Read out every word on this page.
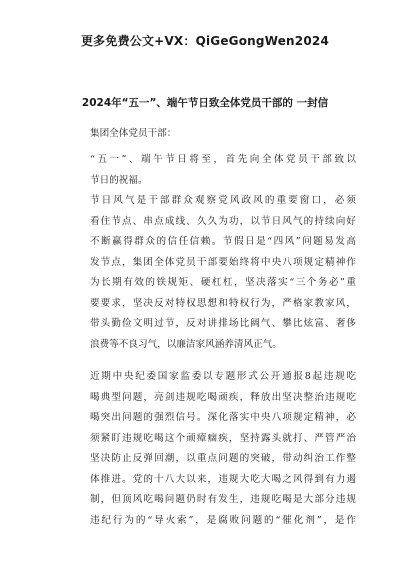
更多免费公文+VX：QiGeGongWen2024
2024年“五一”、端午节日致全体党员干部的 一封信
集团全体党员干部：
“五一”、端午节日将至，首先向全体党员干部致以
节日的祝福。
节日风气是干部群众观察党风政风的重要窗口，必须
看住节点、串点成线、久久为功，以节日风气的持续向好
不断赢得群众的信任信赖。节假日是“四风”问题易发高
发节点，集团全体党员干部要始终将中央八项规定精神作
为长期有效的铁规矩、硬杠杠，坚决落实“三个务必”重
要要求，坚决反对特权思想和特权行为，严格家教家风，
带头勤俭文明过节，反对讲排场比阔气、攀比炫富、奢侈
浪费等不良习气，以廉洁家风涵养清风正气。
近期中央纪委国家监委以专题形式公开通报8起违规吃
喝典型问题，亮剑违规吃喝顽疾，释放出坚决整治违规吃
喝突出问题的强烈信号。深化落实中央八项规定精神，必
须紧盯违规吃喝这个顽瘴痼疾，坚持露头就打、严管严治
坚决防止反弹回潮，以重点问题的突破，带动纠治工作整
体推进。党的十八大以来，违规大吃大喝之风得到有力遏
制，但顶风吃喝问题仍时有发生，违规吃喝是大部分违规
违纪行为的“导火索”，是腐败问题的“催化剂”，是作
